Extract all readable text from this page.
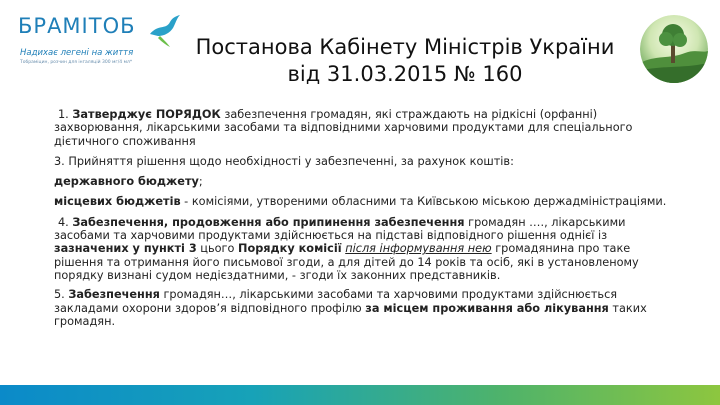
БРАМІТОБ
Надихає легені на життя
Тобраміцин, розчин для інгаляцій 300 мг/4 мл*
Постанова Кабінету Міністрів України
від 31.03.2015 № 160

1. Затверджує ПОРЯДОК забезпечення громадян, які страждають на рідкісні (орфанні) захворювання, лікарськими засобами та відповідними харчовими продуктами для спеціального дієтичного споживання

3. Прийняття рішення щодо необхідності у забезпеченні, за рахунок коштів:

державного бюджету;

місцевих бюджетів - комісіями, утвореними обласними та Київською міською держадміністраціями.

4. Забезпечення, продовження або припинення забезпечення громадян …., лікарськими засобами та харчовими продуктами здійснюється на підставі відповідного рішення однієї із зазначених у пункті 3 цього Порядку комісії після інформування нею громадянина про таке рішення та отримання його письмової згоди, а для дітей до 14 років та осіб, які в установленому порядку визнані судом недієздатними, - згоди їх законних представників.

5. Забезпечення громадян…, лікарськими засобами та харчовими продуктами здійснюється закладами охорони здоров’я відповідного профілю за місцем проживання або лікування таких громадян.
